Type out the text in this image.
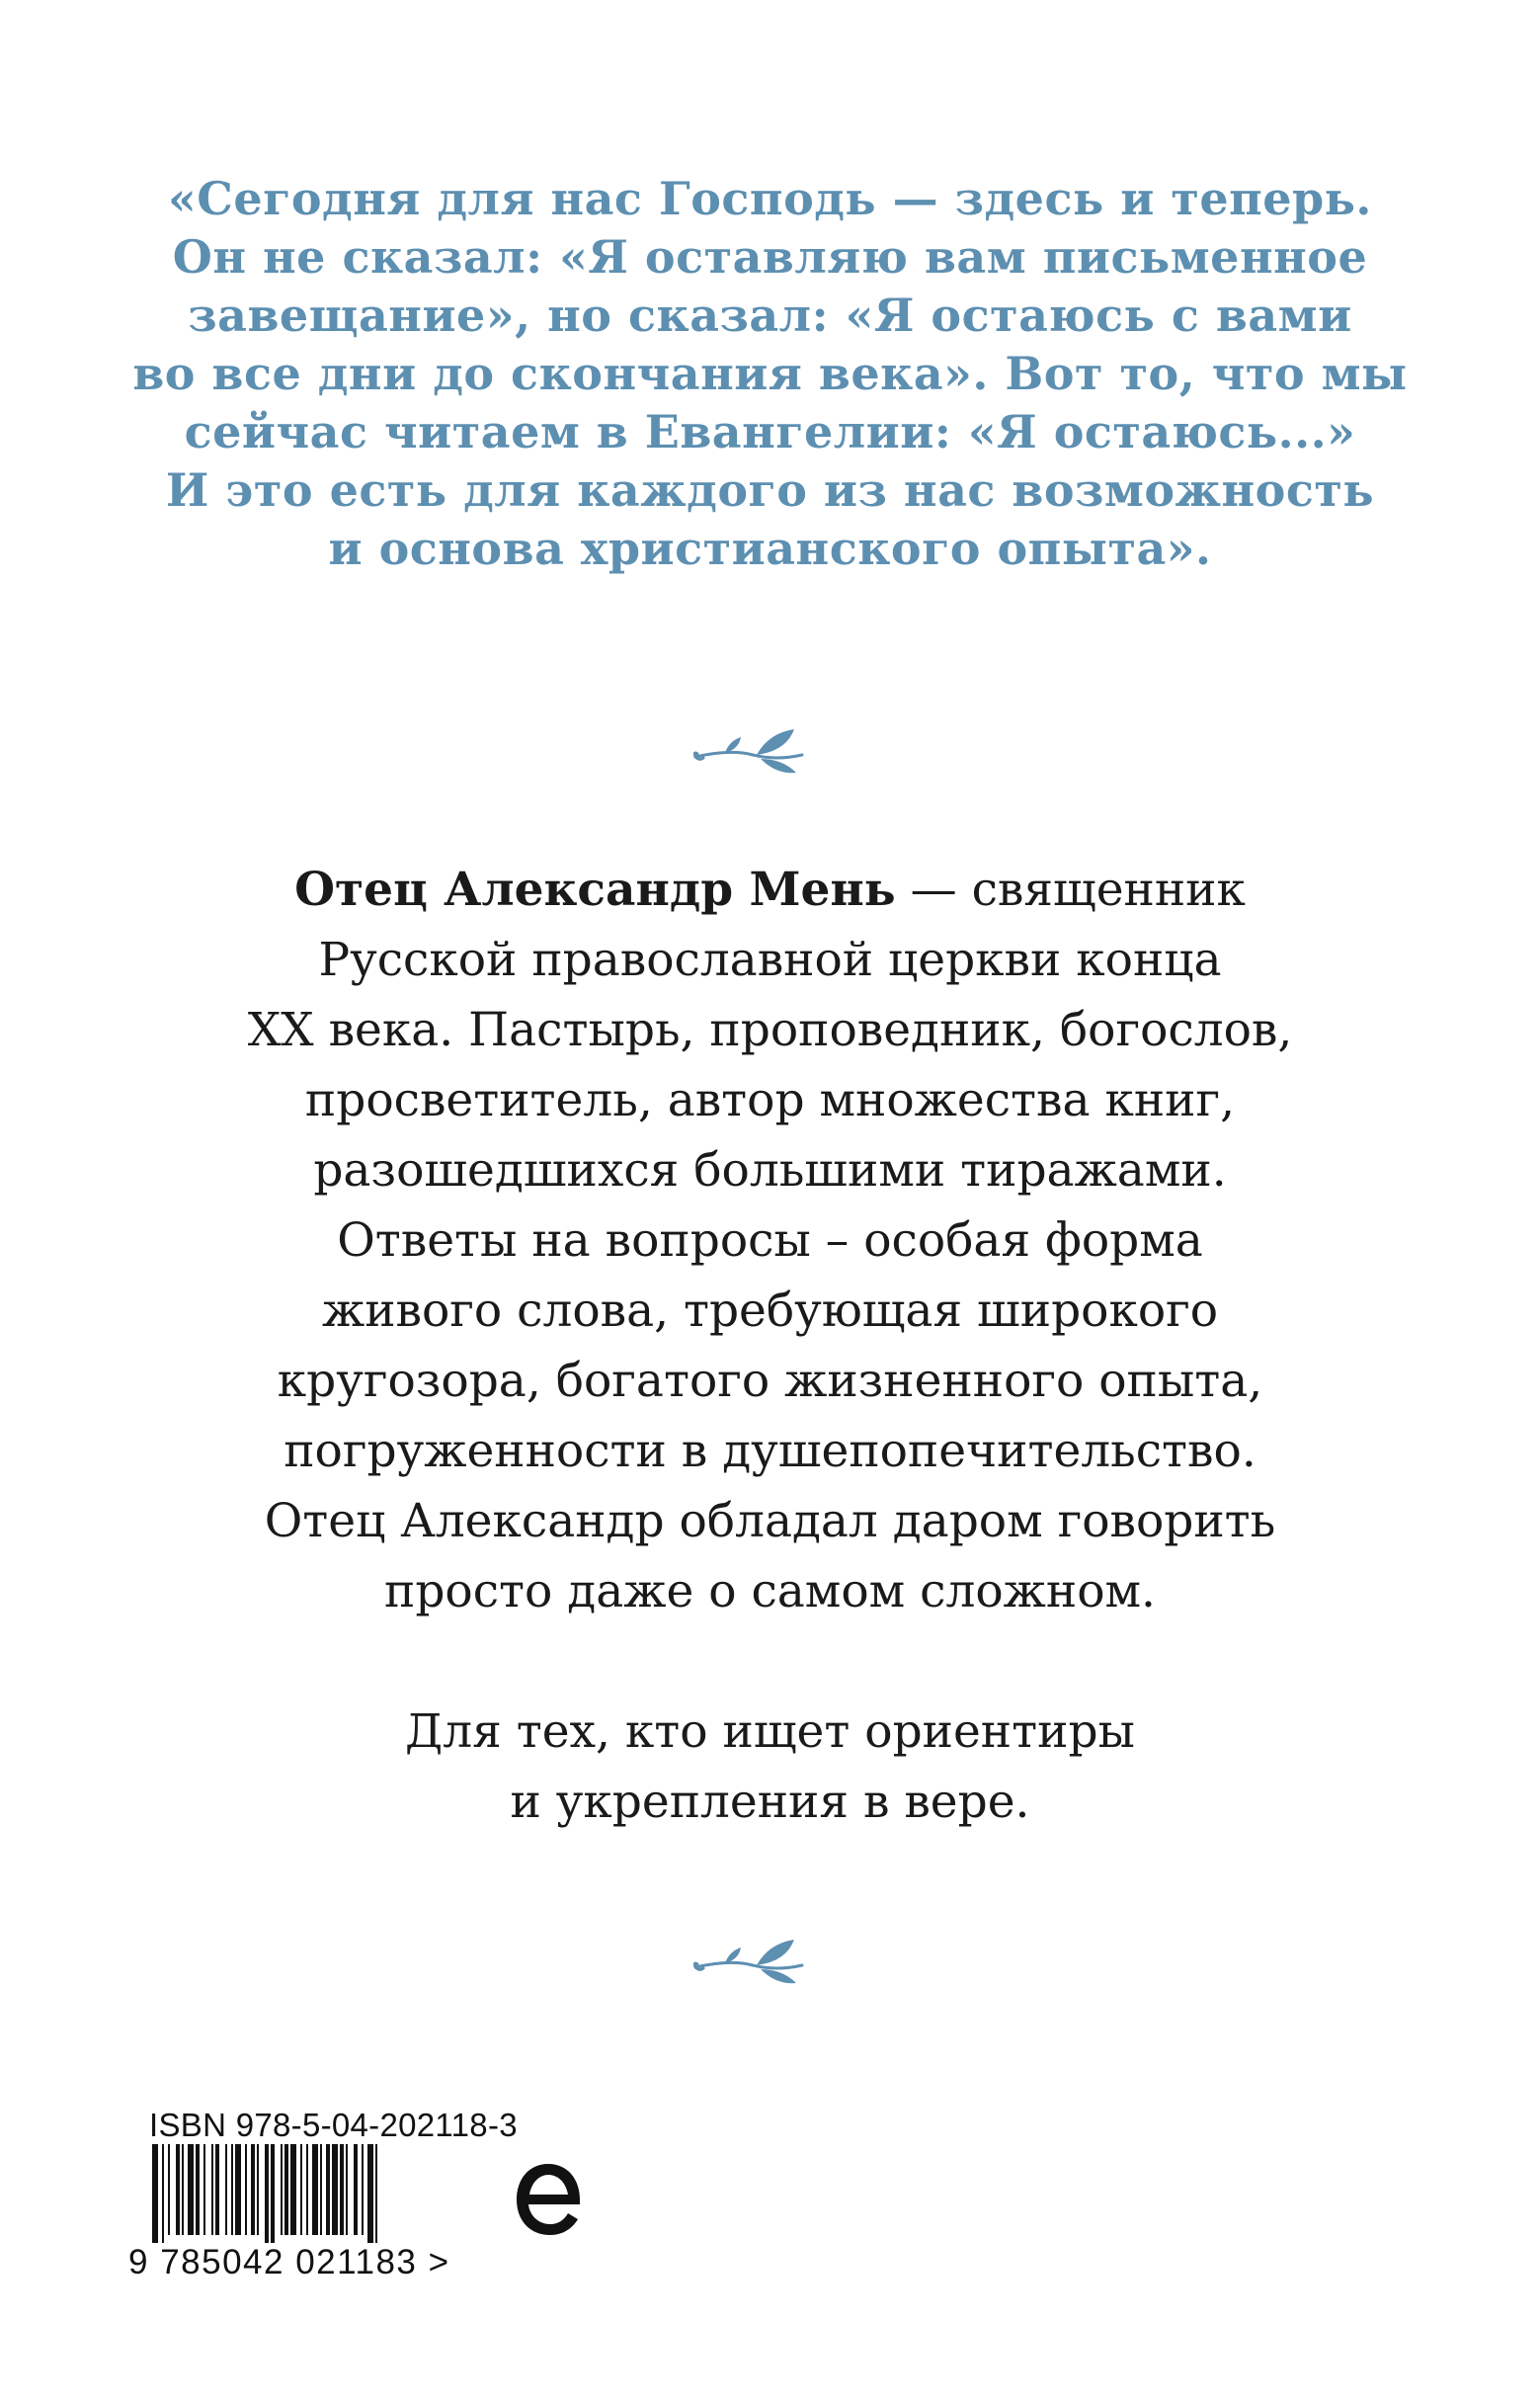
«Сегодня для нас Господь — здесь и теперь.
Он не сказал: «Я оставляю вам письменное
завещание», но сказал: «Я остаюсь с вами
во все дни до скончания века». Вот то, что мы
сейчас читаем в Евангелии: «Я остаюсь...»
И это есть для каждого из нас возможность
и основа христианского опыта».
Отец Александр Мень — священник
Русской православной церкви конца
XX века. Пастырь, проповедник, богослов,
просветитель, автор множества книг,
разошедшихся большими тиражами.
Ответы на вопросы – особая форма
живого слова, требующая широкого
кругозора, богатого жизненного опыта,
погруженности в душепопечительство.
Отец Александр обладал даром говорить
просто даже о самом сложном.
Для тех, кто ищет ориентиры
и укрепления в вере.
ISBN 978-5-04-202118-3
9 785042 021183 >
